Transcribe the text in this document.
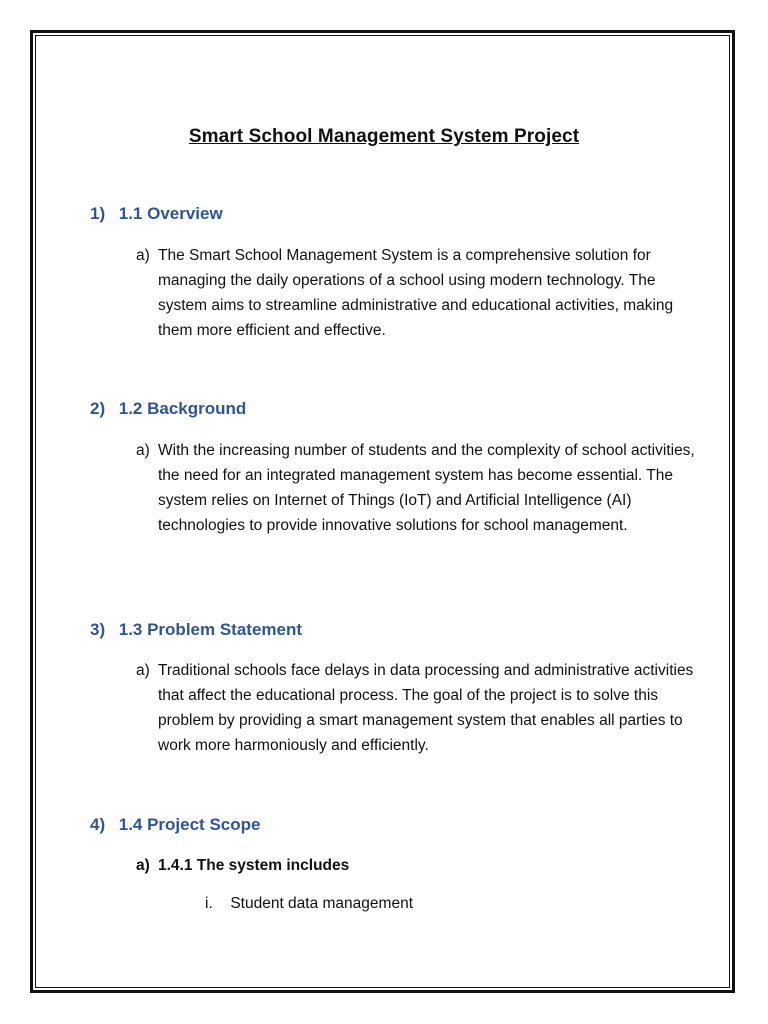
Smart School Management System Project
1) 1.1 Overview
a) The Smart School Management System is a comprehensive solution for managing the daily operations of a school using modern technology. The system aims to streamline administrative and educational activities, making them more efficient and effective.
2) 1.2 Background
a) With the increasing number of students and the complexity of school activities, the need for an integrated management system has become essential. The system relies on Internet of Things (IoT) and Artificial Intelligence (AI) technologies to provide innovative solutions for school management.
3) 1.3 Problem Statement
a) Traditional schools face delays in data processing and administrative activities that affect the educational process. The goal of the project is to solve this problem by providing a smart management system that enables all parties to work more harmoniously and efficiently.
4) 1.4 Project Scope
a) 1.4.1 The system includes
i. Student data management
